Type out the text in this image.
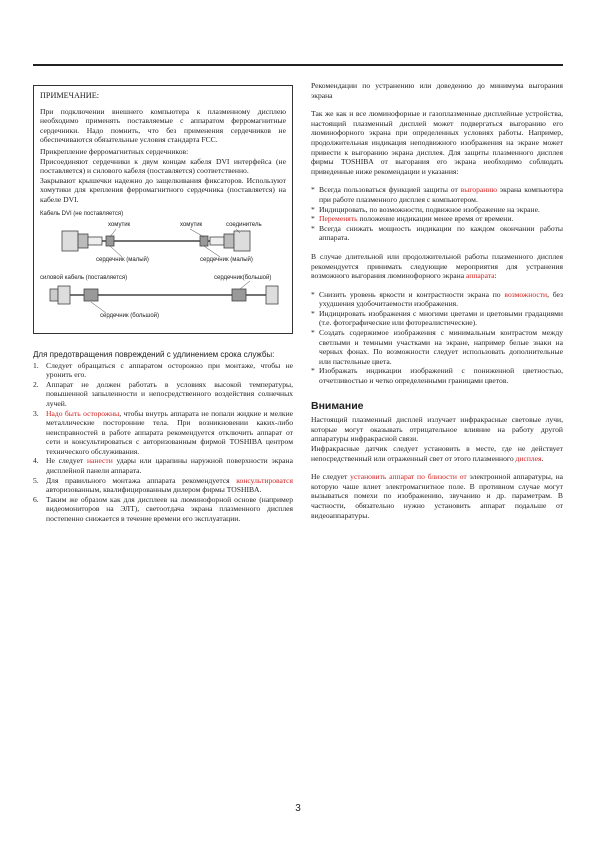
ПРИМЕЧАНИЕ:

При подключении внешнего компьютера к плазменному дисплею необходимо применять поставляемые с аппаратом ферромагнитные сердечники. Надо помнить, что без применения сердечников не обеспечиваются обязательные условия стандарта FCC.

Прикрепление ферромагнитных сердечников:

Присоединяют сердечники к двум концам кабеля DVI интерфейса (не поставляется) и силового кабеля (поставляется) соответственно.

Закрывают крышечки надежно до защелкивания фиксаторов. Используют хомутики для крепления ферромагнитного сердечника (поставляется) на кабеле DVI.

Кабель DVI (не поставляется)
хомутик	хомутик	соединитель
сердечник (малый)	сердечник (малый)
силовой кабель (поставляется)	сердечник(большой)
сердечник (большой)
Для предотвращения повреждений с удлинением срока службы:
1. Следует обращаться с аппаратом осторожно при монтаже, чтобы не уронить его.
2. Аппарат не должен работать в условиях высокой температуры, повышенной запыленности и непосредственного воздействия солнечных лучей.
3. Надо быть осторожны, чтобы внутрь аппарата не попали жидкие и мелкие металлические посторонние тела. При возникновении каких-либо неисправностей в работе аппарата рекомендуется отключить аппарат от сети и консультироваться с авторизованным фирмой TOSHIBA центром технического обслуживания.
4. Не следует нанести удары или царапины наружной поверхности экрана дисплейной панели аппарата.
5. Для правильного монтажа аппарата рекомендуется консультироватся авторизованным, квалифицированным дилером фирмы TOSHIBA.
6. Таким же образом как для дисплеев на люминофорной основе (например видеомониторов на ЭЛТ), светоотдача экрана плазменного дисплея постепенно снижается в течение времени его эксплуатации.

Рекомендации по устранению или доведению до минимума выгорания экрана

Так же как и все люминофорные и газоплазменные дисплейные устройства, настоящий плазменный дисплей может подвергаться выгоранию его люминофорного экрана при определенных условиях работы. Например, продолжительная индикация неподвижного изображения на экране может привести к выгоранию экрана дисплея. Для защиты плазменного дисплея фирмы TOSHIBA от выгорания его экрана необходимо соблюдать приведенные ниже рекомендации и указания:

* Всегда пользоваться функцией защиты от выгоранию экрана компьютера при работе плазменного дисплея с компьютером.
* Индицировать, по возможности, подвижное изображение на экране.
* Переменять положение индикации менее время от времени.
* Всегда снижать мощность индикации по каждом окончании работы аппарата.

В случае длительной или продолжительной работы плазменного дисплея рекомендуется принимать следующие мероприятия для устранения возможного выгорания люминофорного экрана аппарата:

* Снизить уровень яркости и контрастности экрана по возможности, без ухудшения удобочитаемости изображения.
* Индицировать изображения с многими цветами и цветовыми градациями (т.е. фотографические или фотореалистические).
* Создать содержимое изображения с минимальным контрастом между светлыми и темными участками на экране, например белые знаки на черных фонах. По возможности следует использовать дополнительные или пастельные цвета.
* Изображать индикации изображений с пониженной цветностью, отчетливостью и четко определенными границами цветов.
Внимание

Настоящий плазменный дисплей излучает инфракрасные световые лучи, которые могут оказывать отрицательное влияние на работу другой аппаратуры инфракрасной связи.

Инфракрасные датчик следует установить в месте, где не действует непосредственный или отраженный свет от этого плазменного дисплея.

Не следует установить аппарат по близости от электронной аппаратуры, на которую чаше влиет электромагнитное поле. В противном случае могут вызываться помехи по изображению, звучанию и др. параметрам. В частности, обязательно нужно установить аппарат подальше от видеоаппаратуры.

3
